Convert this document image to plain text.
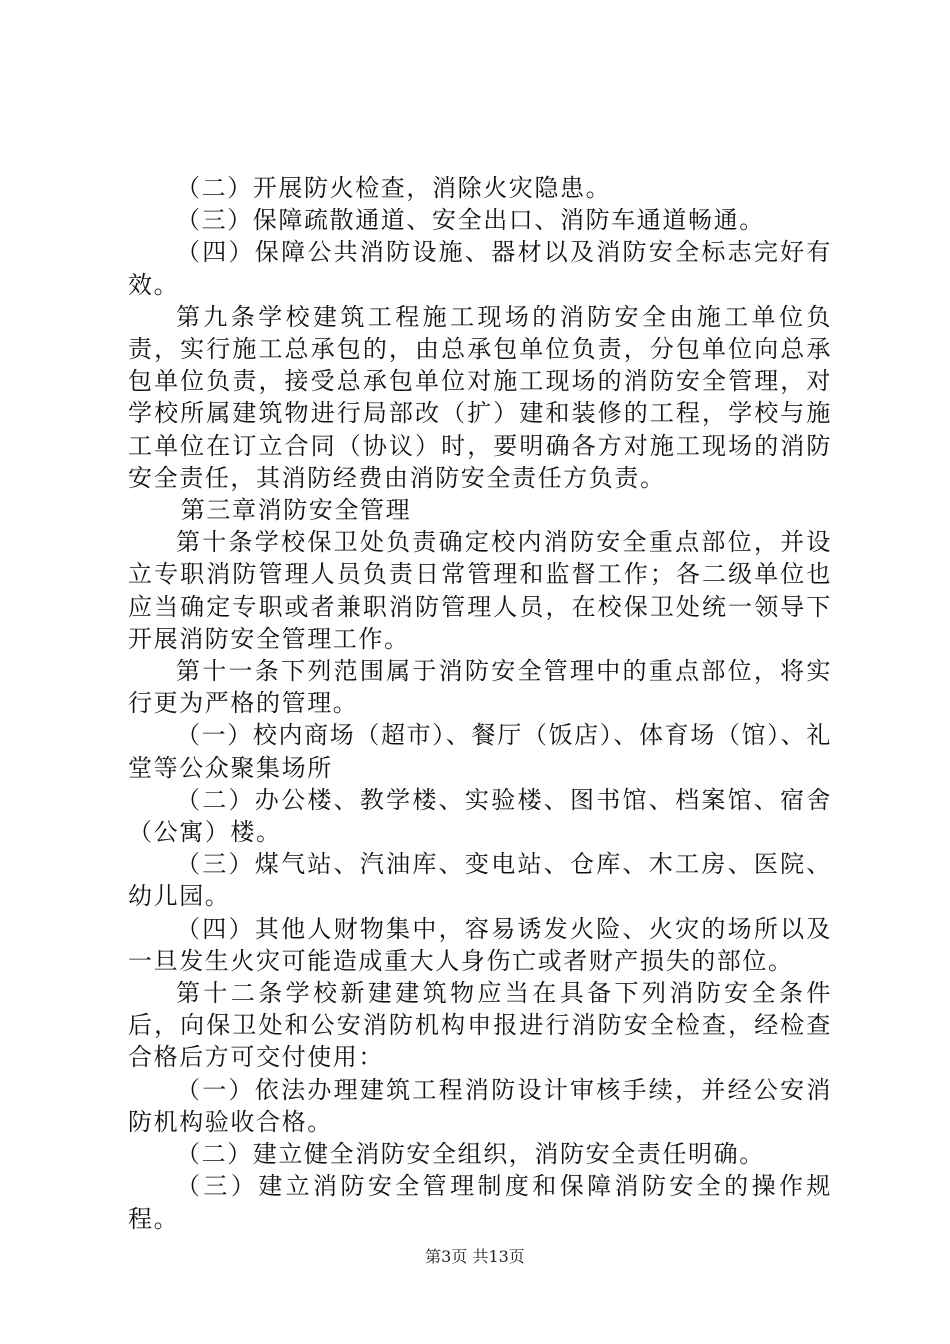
（二）开展防火检查，消除火灾隐患。

（三）保障疏散通道、安全出口、消防车通道畅通。

（四）保障公共消防设施、器材以及消防安全标志完好有效。

第九条学校建筑工程施工现场的消防安全由施工单位负责，实行施工总承包的，由总承包单位负责，分包单位向总承包单位负责，接受总承包单位对施工现场的消防安全管理，对学校所属建筑物进行局部改（扩）建和装修的工程，学校与施工单位在订立合同（协议）时，要明确各方对施工现场的消防安全责任，其消防经费由消防安全责任方负责。

第三章消防安全管理

第十条学校保卫处负责确定校内消防安全重点部位，并设立专职消防管理人员负责日常管理和监督工作；各二级单位也应当确定专职或者兼职消防管理人员，在校保卫处统一领导下开展消防安全管理工作。

第十一条下列范围属于消防安全管理中的重点部位，将实行更为严格的管理。

（一）校内商场（超市）、餐厅（饭店）、体育场（馆）、礼堂等公众聚集场所

（二）办公楼、教学楼、实验楼、图书馆、档案馆、宿舍（公寓）楼。

（三）煤气站、汽油库、变电站、仓库、木工房、医院、幼儿园。

（四）其他人财物集中，容易诱发火险、火灾的场所以及一旦发生火灾可能造成重大人身伤亡或者财产损失的部位。

第十二条学校新建建筑物应当在具备下列消防安全条件后，向保卫处和公安消防机构申报进行消防安全检查，经检查合格后方可交付使用：

（一）依法办理建筑工程消防设计审核手续，并经公安消防机构验收合格。

（二）建立健全消防安全组织，消防安全责任明确。

（三）建立消防安全管理制度和保障消防安全的操作规程。

第3页 共13页
